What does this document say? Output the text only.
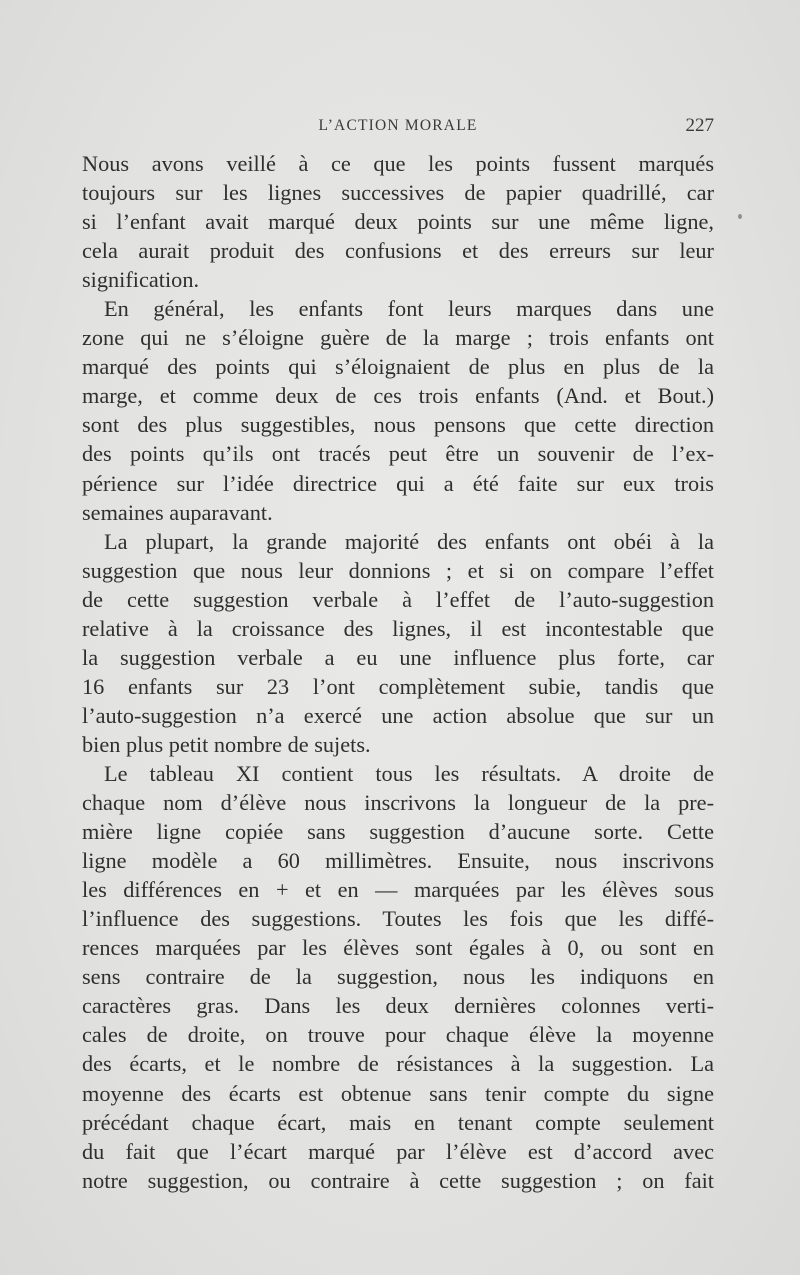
L’ACTION MORALE	227
Nous avons veillé à ce que les points fussent marqués
toujours sur les lignes successives de papier quadrillé, car
si l’enfant avait marqué deux points sur une même ligne,
cela aurait produit des confusions et des erreurs sur leur
signification.
En général, les enfants font leurs marques dans une
zone qui ne s’éloigne guère de la marge ; trois enfants ont
marqué des points qui s’éloignaient de plus en plus de la
marge, et comme deux de ces trois enfants (And. et Bout.)
sont des plus suggestibles, nous pensons que cette direction
des points qu’ils ont tracés peut être un souvenir de l’ex-
périence sur l’idée directrice qui a été faite sur eux trois
semaines auparavant.
La plupart, la grande majorité des enfants ont obéi à la
suggestion que nous leur donnions ; et si on compare l’effet
de cette suggestion verbale à l’effet de l’auto-suggestion
relative à la croissance des lignes, il est incontestable que
la suggestion verbale a eu une influence plus forte, car
16 enfants sur 23 l’ont complètement subie, tandis que
l’auto-suggestion n’a exercé une action absolue que sur un
bien plus petit nombre de sujets.
Le tableau XI contient tous les résultats. A droite de
chaque nom d’élève nous inscrivons la longueur de la pre-
mière ligne copiée sans suggestion d’aucune sorte. Cette
ligne modèle a 60 millimètres. Ensuite, nous inscrivons
les différences en + et en — marquées par les élèves sous
l’influence des suggestions. Toutes les fois que les diffé-
rences marquées par les élèves sont égales à 0, ou sont en
sens contraire de la suggestion, nous les indiquons en
caractères gras. Dans les deux dernières colonnes verti-
cales de droite, on trouve pour chaque élève la moyenne
des écarts, et le nombre de résistances à la suggestion. La
moyenne des écarts est obtenue sans tenir compte du signe
précédant chaque écart, mais en tenant compte seulement
du fait que l’écart marqué par l’élève est d’accord avec
notre suggestion, ou contraire à cette suggestion ; on fait
